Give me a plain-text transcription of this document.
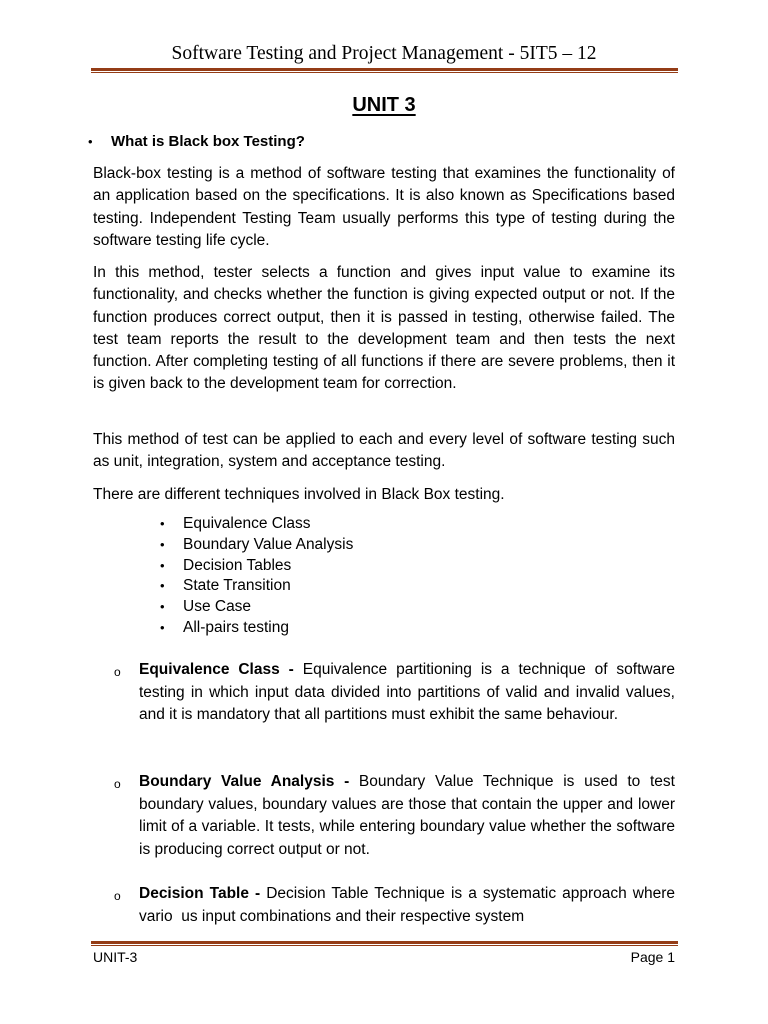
Software Testing and Project Management - 5IT5 – 12
UNIT 3
• What is Black box Testing?

Black-box testing is a method of software testing that examines the functionality of an application based on the specifications. It is also known as Specifications based testing. Independent Testing Team usually performs this type of testing during the software testing life cycle.

In this method, tester selects a function and gives input value to examine its functionality, and checks whether the function is giving expected output or not. If the function produces correct output, then it is passed in testing, otherwise failed. The test team reports the result to the development team and then tests the next function. After completing testing of all functions if there are severe problems, then it is given back to the development team for correction.

This method of test can be applied to each and every level of software testing such as unit, integration, system and acceptance testing.

There are different techniques involved in Black Box testing.

• Equivalence Class
• Boundary Value Analysis
• Decision Tables
• State Transition
• Use Case
• All-pairs testing
o Equivalence Class - Equivalence partitioning is a technique of software testing in which input data divided into partitions of valid and invalid values, and it is mandatory that all partitions must exhibit the same behaviour.

o Boundary Value Analysis - Boundary Value Technique is used to test boundary values, boundary values are those that contain the upper and lower limit of a variable. It tests, while entering boundary value whether the software is producing correct output or not.

o Decision Table - Decision Table Technique is a systematic approach where vario  us input combinations and their respective system

UNIT-3	Page 1
